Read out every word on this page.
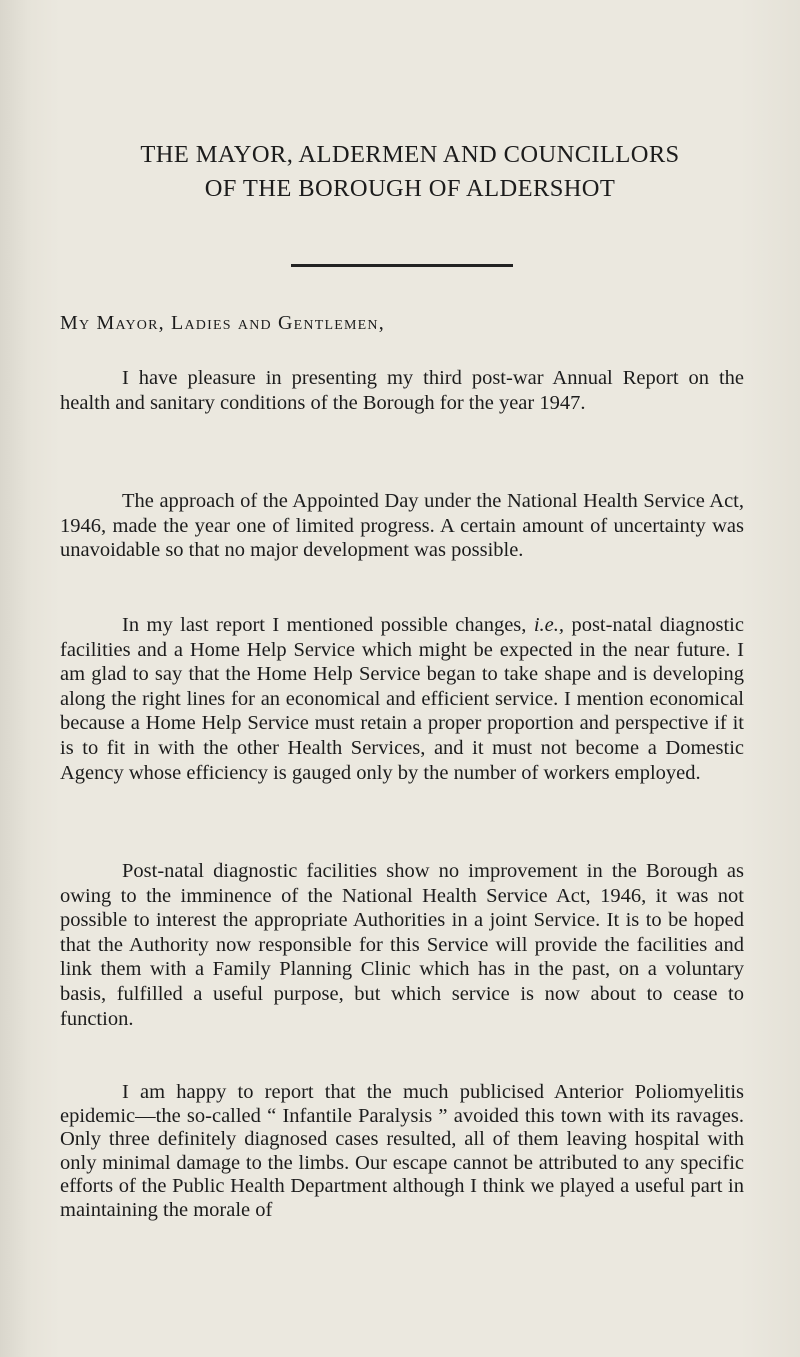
THE MAYOR, ALDERMEN AND COUNCILLORS
OF THE BOROUGH OF ALDERSHOT

My Mayor, Ladies and Gentlemen,

I have pleasure in presenting my third post-war Annual Report on the health and sanitary conditions of the Borough for the year 1947.

The approach of the Appointed Day under the National Health Service Act, 1946, made the year one of limited progress. A certain amount of uncertainty was unavoidable so that no major development was possible.

In my last report I mentioned possible changes, i.e., post-natal diagnostic facilities and a Home Help Service which might be expected in the near future. I am glad to say that the Home Help Service began to take shape and is developing along the right lines for an economical and efficient service. I mention economical because a Home Help Service must retain a proper proportion and perspective if it is to fit in with the other Health Services, and it must not become a Domestic Agency whose efficiency is gauged only by the number of workers employed.

Post-natal diagnostic facilities show no improvement in the Borough as owing to the imminence of the National Health Service Act, 1946, it was not possible to interest the appropriate Authorities in a joint Service. It is to be hoped that the Authority now responsible for this Service will provide the facilities and link them with a Family Planning Clinic which has in the past, on a voluntary basis, fulfilled a useful purpose, but which service is now about to cease to function.

I am happy to report that the much publicised Anterior Poliomyelitis epidemic—the so-called “ Infantile Paralysis ” avoided this town with its ravages. Only three definitely diagnosed cases resulted, all of them leaving hospital with only minimal damage to the limbs. Our escape cannot be attributed to any specific efforts of the Public Health Department although I think we played a useful part in maintaining the morale of
